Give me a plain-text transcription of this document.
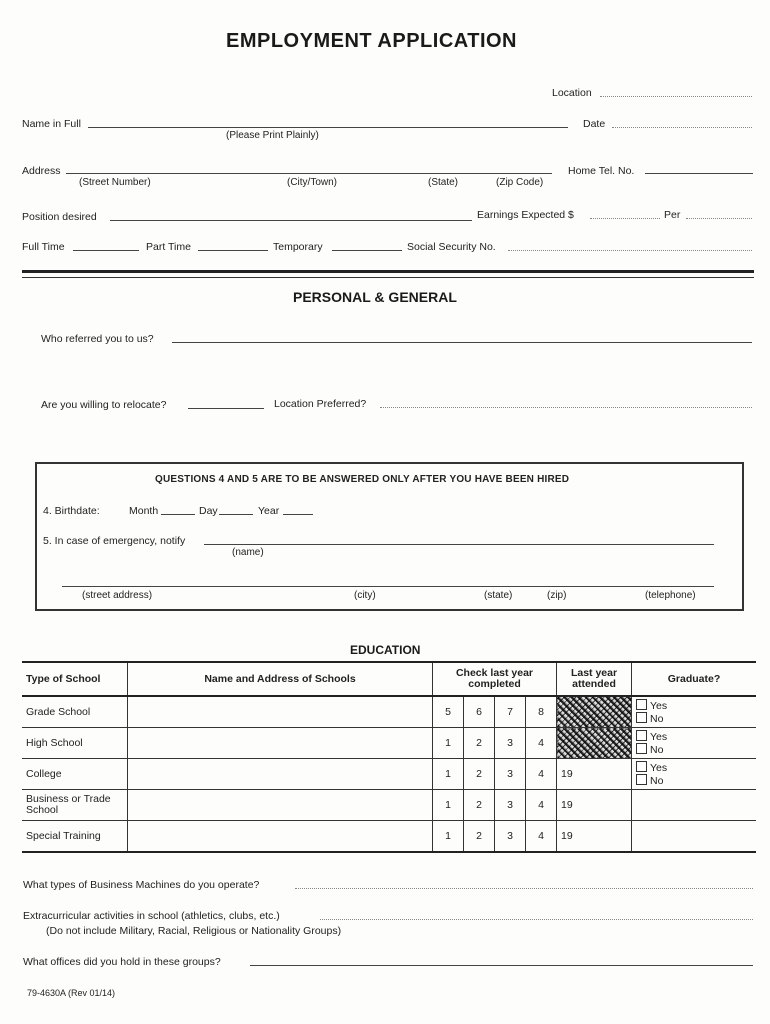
EMPLOYMENT APPLICATION
Location
Name in Full
(Please Print Plainly)
Date
Address
(Street Number)	(City/Town)	(State)	(Zip Code)
Home Tel. No.
Position desired	Earnings Expected $	Per
Full Time	Part Time	Temporary	Social Security No.
PERSONAL & GENERAL
Who referred you to us?
Are you willing to relocate?	Location Preferred?
QUESTIONS 4 AND 5 ARE TO BE ANSWERED ONLY AFTER YOU HAVE BEEN HIRED
4. Birthdate:	Month	Day	Year
5. In case of emergency, notify
(name)
(street address)	(city)	(state)	(zip)	(telephone)
EDUCATION
Type of School	Name and Address of Schools	Check last year completed				Last year attended	Graduate?
Grade School		5	6	7	8		Yes No
High School		1	2	3	4		Yes No
College		1	2	3	4	19	Yes No
Business or Trade School		1	2	3	4	19	
Special Training		1	2	3	4	19	
What types of Business Machines do you operate?
Extracurricular activities in school (athletics, clubs, etc.)
(Do not include Military, Racial, Religious or Nationality Groups)
What offices did you hold in these groups?
79-4630A (Rev 01/14)
